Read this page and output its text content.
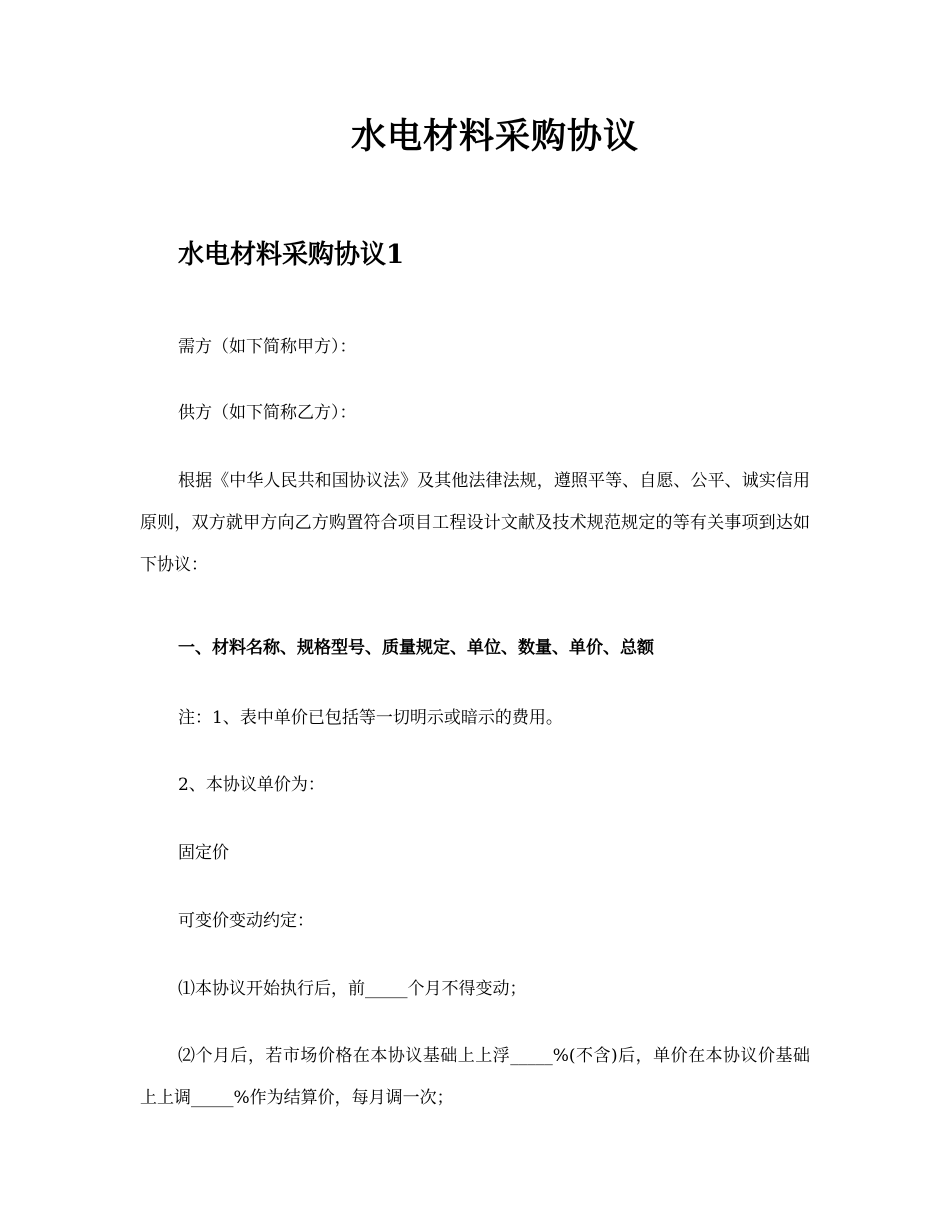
水电材料采购协议
水电材料采购协议1

需方（如下简称甲方）：

供方（如下简称乙方）：

根据《中华人民共和国协议法》及其他法律法规，遵照平等、自愿、公平、诚实信用原则，双方就甲方向乙方购置符合项目工程设计文献及技术规范规定的等有关事项到达如下协议：

一、材料名称、规格型号、质量规定、单位、数量、单价、总额

注：1、表中单价已包括等一切明示或暗示的费用。

2、本协议单价为：

固定价

可变价变动约定：

⑴本协议开始执行后，前_____个月不得变动；

⑵个月后，若市场价格在本协议基础上上浮_____%(不含)后，单价在本协议价基础上上调_____%作为结算价，每月调一次；
